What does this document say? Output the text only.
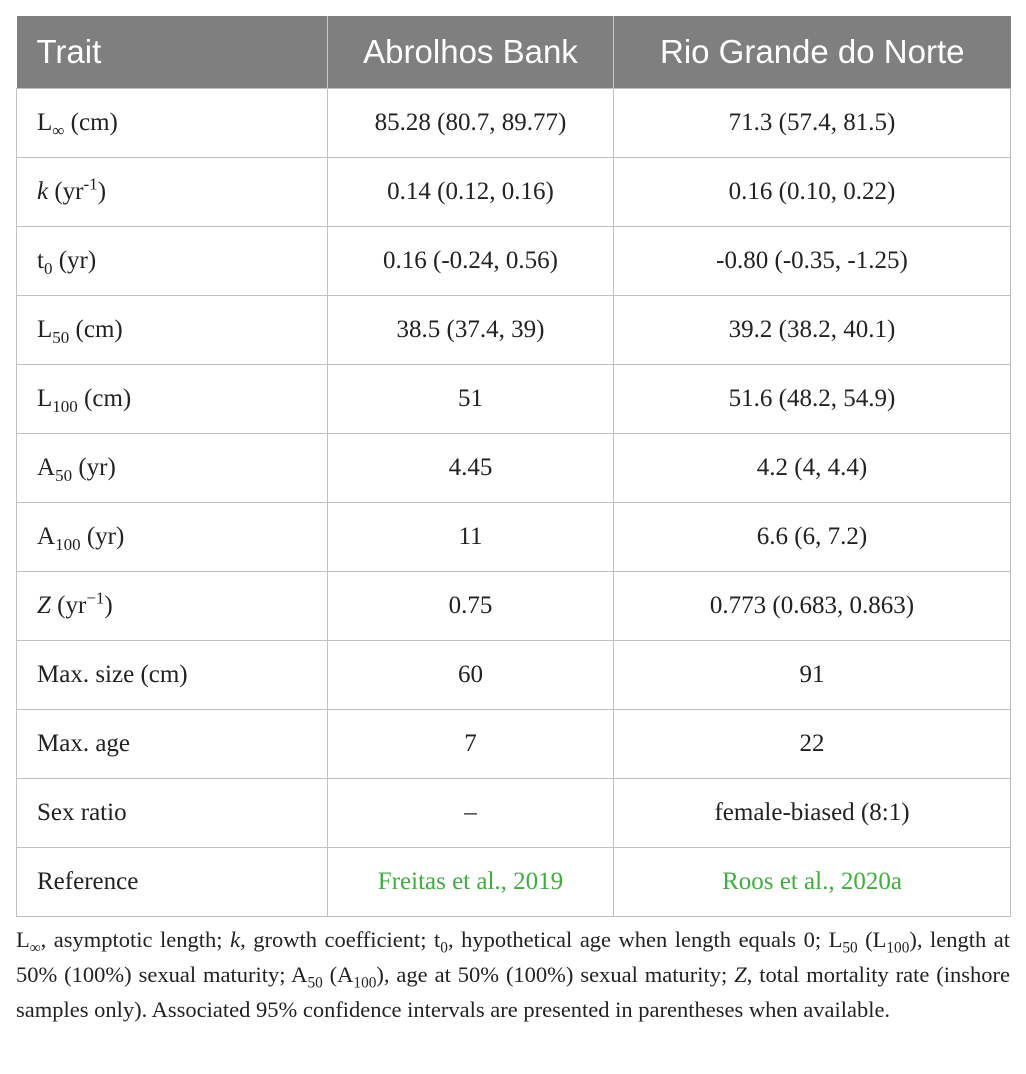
Trait	Abrolhos Bank	Rio Grande do Norte
$L_\infty$ (cm)	85.28 (80.7, 89.77)	71.3 (57.4, 81.5)
k $(yr^{-1})$	0.14 (0.12, 0.16)	0.16 (0.10, 0.22)
$t_0$ (yr)	0.16 (-0.24, 0.56)	-0.80 (-0.35, -1.25)
$L_{50}$ (cm)	38.5 (37.4, 39)	39.2 (38.2, 40.1)
$L_{100}$ (cm)	51	51.6 (48.2, 54.9)
$A_{50}$ (yr)	4.45	4.2 (4, 4.4)
$A_{100}$ (yr)	11	6.6 (6, 7.2)
Z $(yr^{-1})$	0.75	0.773 (0.683, 0.863)
Max. size (cm)	60	91
Max. age	7	22
Sex ratio	–	female-biased (8:1)
Reference	Freitas et al., 2019	Roos et al., 2020a
$L_\infty$, asymptotic length; k, growth coefficient; $t_0$, hypothetical age when length equals 0; $L_{50}$ $(L_{100})$, length at 50% (100%) sexual maturity; $A_{50}$ $(A_{100})$, age at 50% (100%) sexual maturity; Z, total mortality rate (inshore samples only). Associated 95% confidence intervals are presented in parentheses when available.
